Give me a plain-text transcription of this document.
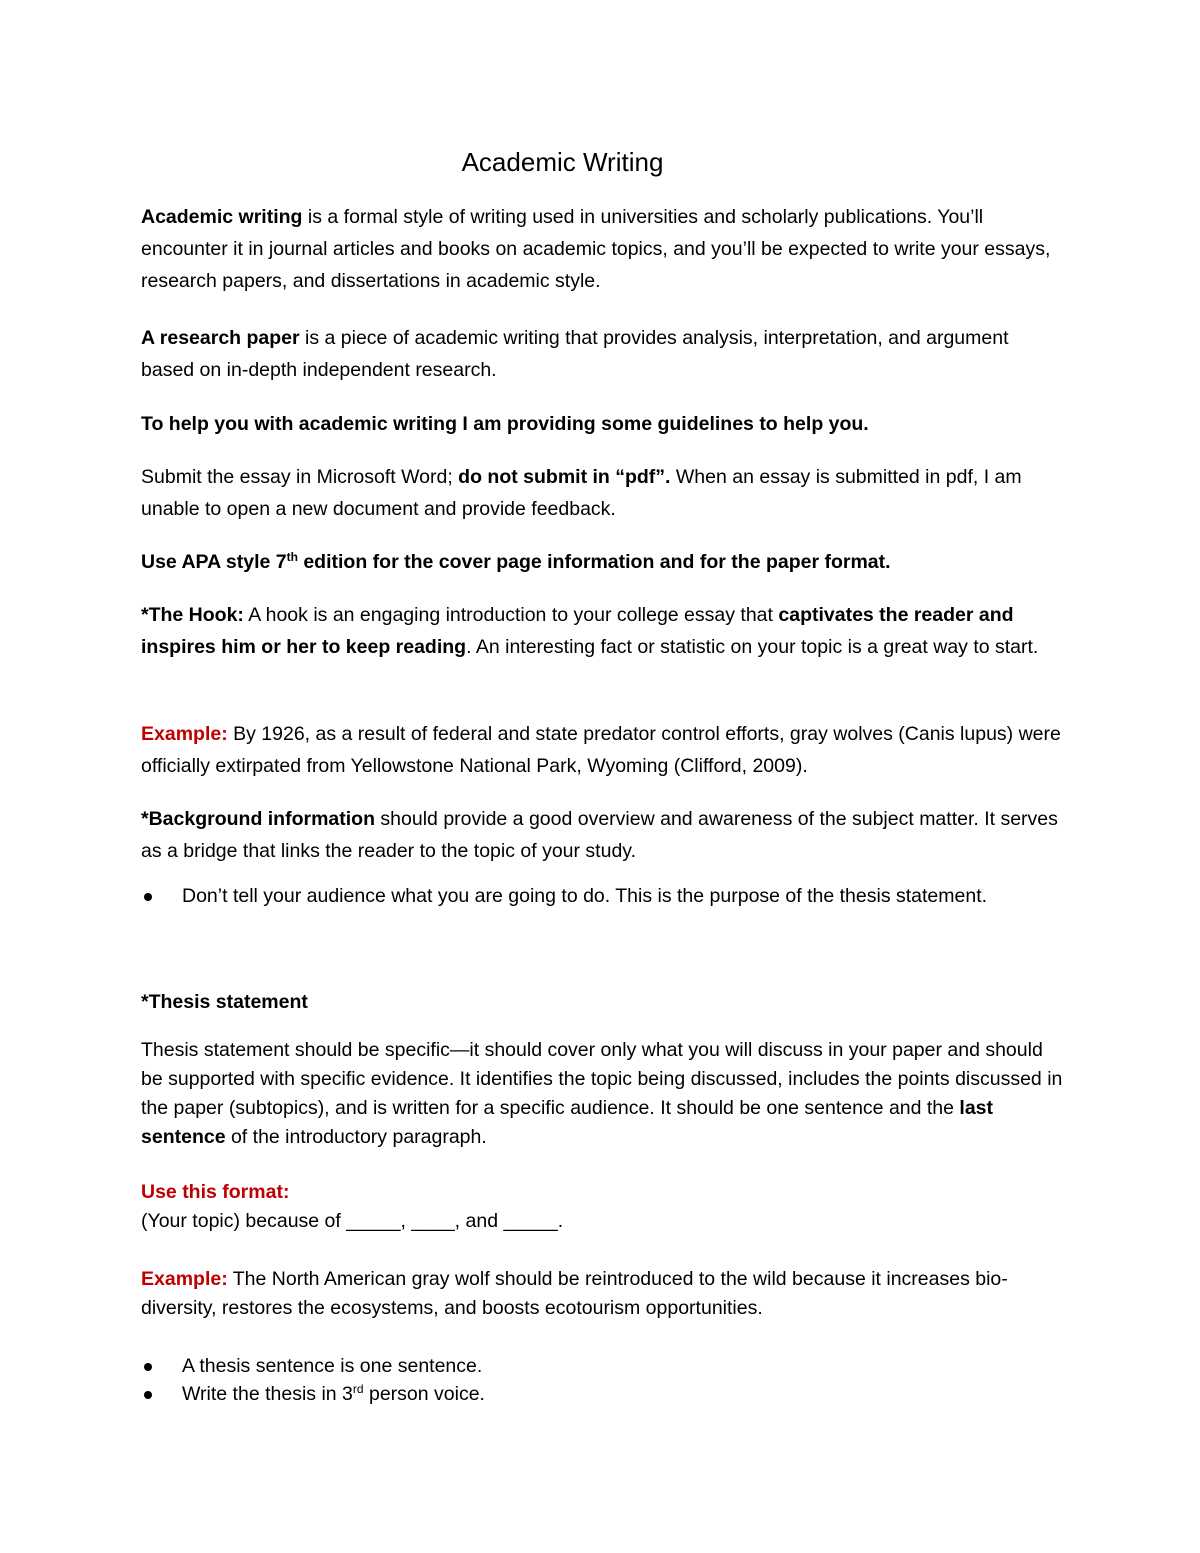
Academic Writing

Academic writing is a formal style of writing used in universities and scholarly publications. You’ll encounter it in journal articles and books on academic topics, and you’ll be expected to write your essays, research papers, and dissertations in academic style.

A research paper is a piece of academic writing that provides analysis, interpretation, and argument based on in-depth independent research.

To help you with academic writing I am providing some guidelines to help you.

Submit the essay in Microsoft Word; do not submit in “pdf”. When an essay is submitted in pdf, I am unable to open a new document and provide feedback.

Use APA style 7th edition for the cover page information and for the paper format.

*The Hook: A hook is an engaging introduction to your college essay that captivates the reader and inspires him or her to keep reading. An interesting fact or statistic on your topic is a great way to start.

Example: By 1926, as a result of federal and state predator control efforts, gray wolves (Canis lupus) were officially extirpated from Yellowstone National Park, Wyoming (Clifford, 2009).

*Background information should provide a good overview and awareness of the subject matter. It serves as a bridge that links the reader to the topic of your study.

Don’t tell your audience what you are going to do. This is the purpose of the thesis statement.

*Thesis statement

Thesis statement should be specific—it should cover only what you will discuss in your paper and should be supported with specific evidence. It identifies the topic being discussed, includes the points discussed in the paper (subtopics), and is written for a specific audience. It should be one sentence and the last sentence of the introductory paragraph.

Use this format:
(Your topic) because of _____, ____, and _____.

Example: The North American gray wolf should be reintroduced to the wild because it increases bio-diversity, restores the ecosystems, and boosts ecotourism opportunities.

A thesis sentence is one sentence.
Write the thesis in 3rd person voice.
